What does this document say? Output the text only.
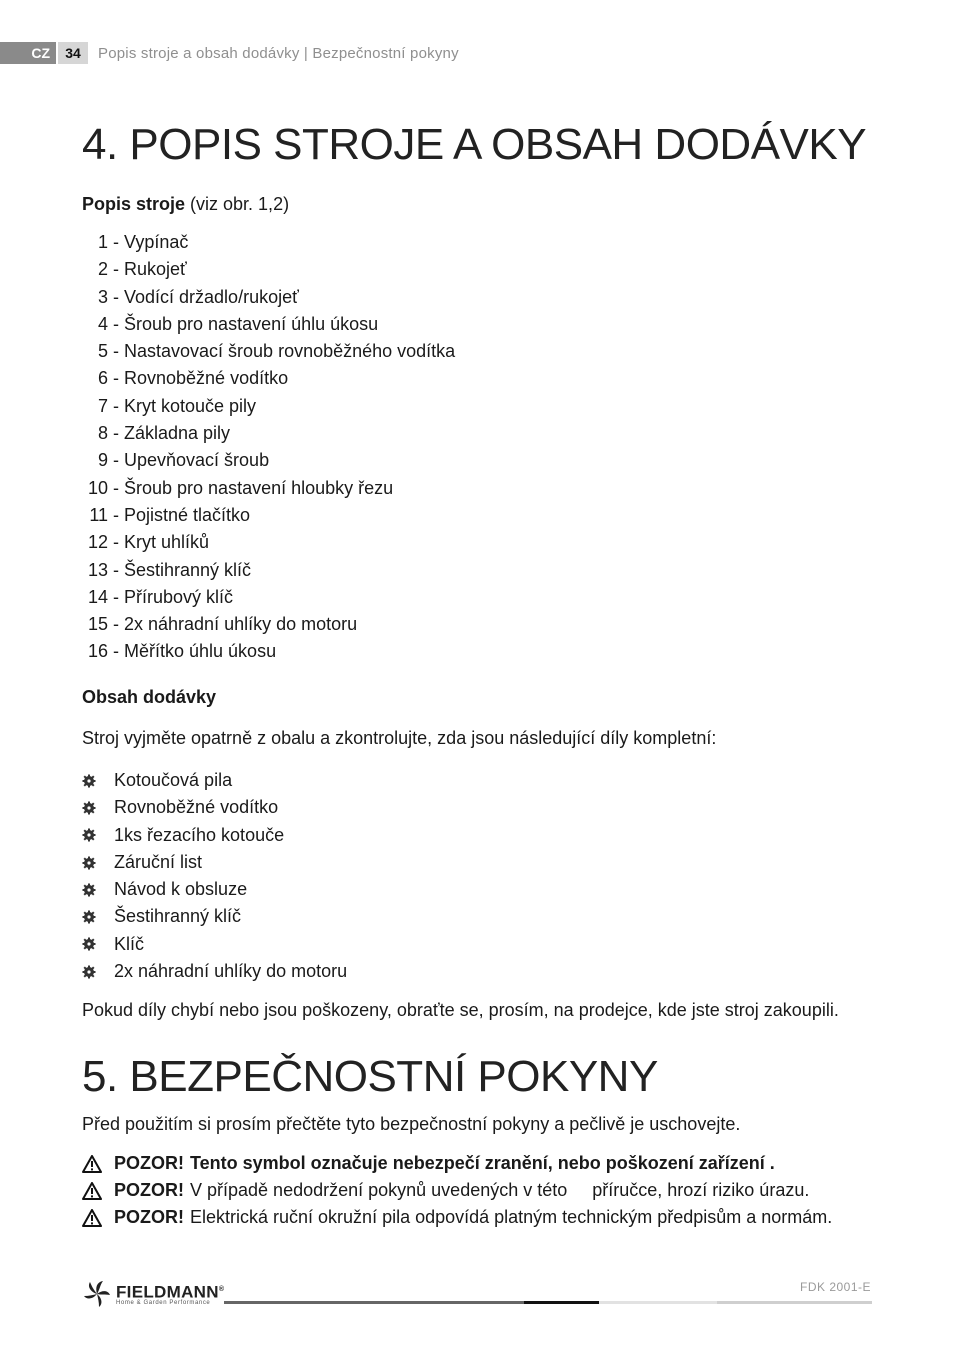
CZ	34	Popis stroje a obsah dodávky | Bezpečnostní pokyny
4. POPIS STROJE A OBSAH DODÁVKY

Popis stroje (viz obr. 1,2)

1 - Vypínač
2 - Rukojeť
3 - Vodící držadlo/rukojeť
4 - Šroub pro nastavení úhlu úkosu
5 - Nastavovací šroub rovnoběžného vodítka
6 - Rovnoběžné vodítko
7 - Kryt kotouče pily
8 - Základna pily
9 - Upevňovací šroub
10 - Šroub pro nastavení hloubky řezu
11 - Pojistné tlačítko
12 - Kryt uhlíků
13 - Šestihranný klíč
14 - Přírubový klíč
15 - 2x náhradní uhlíky do motoru
16 - Měřítko úhlu úkosu

Obsah dodávky

Stroj vyjměte opatrně z obalu a zkontrolujte, zda jsou následující díly kompletní:

Kotoučová pila
Rovnoběžné vodítko
1ks řezacího kotouče
Záruční list
Návod k obsluze
Šestihranný klíč
Klíč
2x náhradní uhlíky do motoru

Pokud díly chybí nebo jsou poškozeny, obraťte se, prosím, na prodejce, kde jste stroj zakoupili.

5. BEZPEČNOSTNÍ POKYNY

Před použitím si prosím přečtěte tyto bezpečnostní pokyny a pečlivě je uschovejte.

POZOR! Tento symbol označuje nebezpečí zranění, nebo poškození zařízení .
POZOR! V případě nedodržení pokynů uvedených v této     příručce, hrozí riziko úrazu.
POZOR! Elektrická ruční okružní pila odpovídá platným technickým předpisům a normám.
FIELDMANN®
Home & Garden Performance
FDK 2001-E
